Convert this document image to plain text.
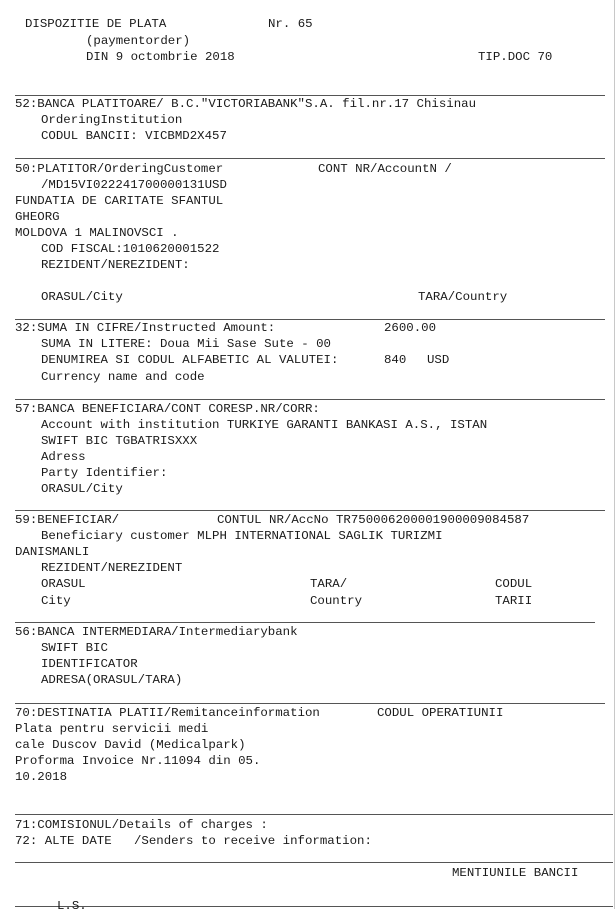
DISPOZITIE DE PLATA	Nr. 65
(paymentorder)
DIN 9 octombrie 2018	TIP.DOC 70
52:BANCA PLATITOARE/ B.C."VICTORIABANK"S.A. fil.nr.17 Chisinau
OrderingInstitution
CODUL BANCII: VICBMD2X457
50:PLATITOR/OrderingCustomer	CONT NR/AccountN /
/MD15VI022241700000131USD
FUNDATIA DE CARITATE SFANTUL
GHEORG
MOLDOVA 1 MALINOVSCI .
COD FISCAL:1010620001522
REZIDENT/NEREZIDENT:
ORASUL/City	TARA/Country
32:SUMA IN CIFRE/Instructed Amount:	2600.00
SUMA IN LITERE: Doua Mii Sase Sute - 00
DENUMIREA SI CODUL ALFABETIC AL VALUTEI:	840 USD
Currency name and code
57:BANCA BENEFICIARA/CONT CORESP.NR/CORR:
Account with institution TURKIYE GARANTI BANKASI A.S., ISTAN
SWIFT BIC TGBATRISXXX
Adress
Party Identifier:
ORASUL/City
59:BENEFICIAR/	CONTUL NR/AccNo TR750006200001900009084587
Beneficiary customer MLPH INTERNATIONAL SAGLIK TURIZMI
DANISMANLI
REZIDENT/NEREZIDENT
ORASUL	TARA/	CODUL
City	Country	TARII
56:BANCA INTERMEDIARA/Intermediarybank
SWIFT BIC
IDENTIFICATOR
ADRESA(ORASUL/TARA)
70:DESTINATIA PLATII/Remitanceinformation	CODUL OPERATIUNII
Plata pentru servicii medi
cale Duscov David (Medicalpark)
Proforma Invoice Nr.11094 din 05.
10.2018
71:COMISIONUL/Details of charges :
72: ALTE DATE   /Senders to receive information:
MENTIUNILE BANCII
L.S.
